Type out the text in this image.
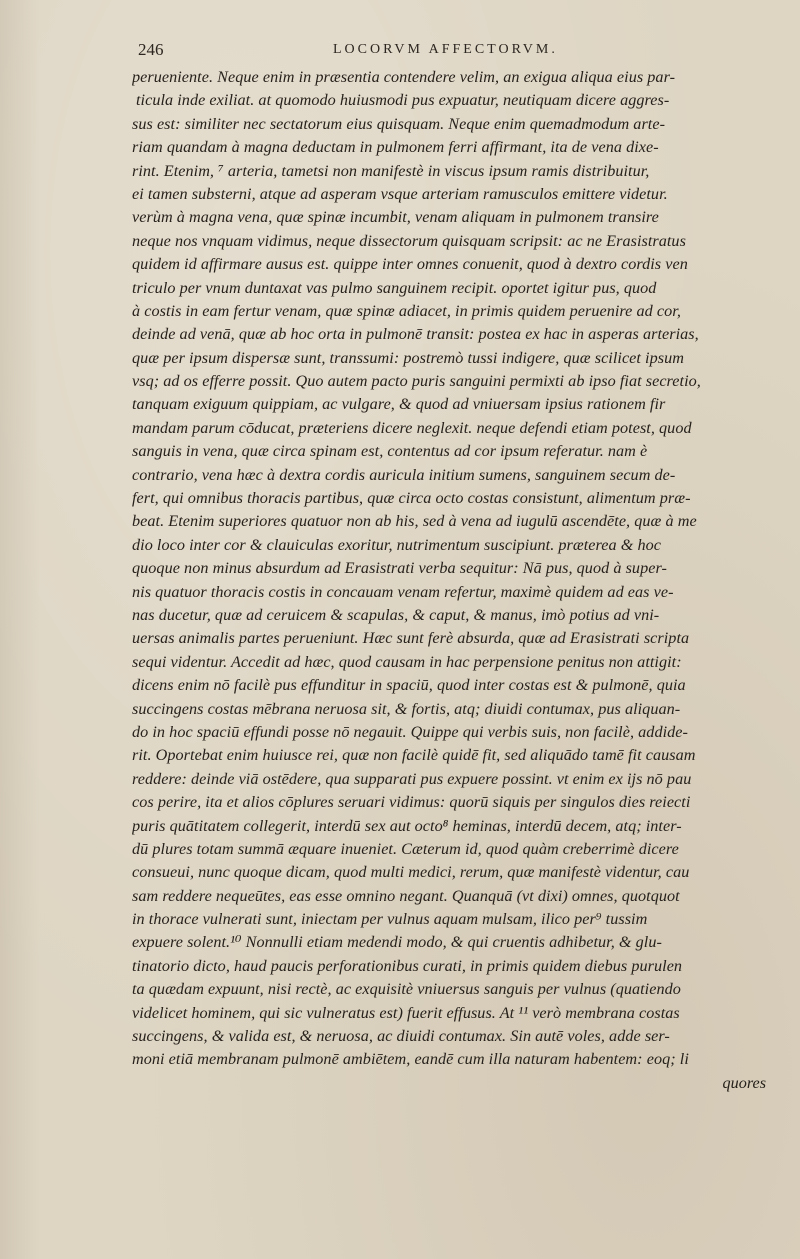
246	LOCORVM AFFECTORVM.
perueniente. Neque enim in præsentia contendere velim, an exigua aliqua eius par-
ticula inde exiliat. at quomodo huiusmodi pus expuatur, neutiquam dicere aggres-
sus est: similiter nec sectatorum eius quisquam. Neque enim quemadmodum arte-
riam quandam à magna deductam in pulmonem ferri affirmant, ita de vena dixe-
rint. Etenim, ⁷ arteria, tametsi non manifestè in viscus ipsum ramis distribuitur,
ei tamen substerni, atque ad asperam vsque arteriam ramusculos emittere videtur.
verùm à magna vena, quæ spinæ incumbit, venam aliquam in pulmonem transire
neque nos vnquam vidimus, neque dissectorum quisquam scripsit: ac ne Erasistratus
quidem id affirmare ausus est. quippe inter omnes conuenit, quod à dextro cordis ven
triculo per vnum duntaxat vas pulmo sanguinem recipit. oportet igitur pus, quod
à costis in eam fertur venam, quæ spinæ adiacet, in primis quidem peruenire ad cor,
deinde ad venā, quæ ab hoc orta in pulmonē transit: postea ex hac in asperas arterias,
quæ per ipsum dispersæ sunt, transsumi: postremò tussi indigere, quæ scilicet ipsum
vsq; ad os efferre possit. Quo autem pacto puris sanguini permixti ab ipso fiat secretio,
tanquam exiguum quippiam, ac vulgare, & quod ad vniuersam ipsius rationem fir
mandam parum cōducat, præteriens dicere neglexit. neque defendi etiam potest, quod
sanguis in vena, quæ circa spinam est, contentus ad cor ipsum referatur. nam è
contrario, vena hæc à dextra cordis auricula initium sumens, sanguinem secum de-
fert, qui omnibus thoracis partibus, quæ circa octo costas consistunt, alimentum præ-
beat. Etenim superiores quatuor non ab his, sed à vena ad iugulū ascendēte, quæ à me
dio loco inter cor & clauiculas exoritur, nutrimentum suscipiunt. præterea & hoc
quoque non minus absurdum ad Erasistrati verba sequitur: Nā pus, quod à super-
nis quatuor thoracis costis in concauam venam refertur, maximè quidem ad eas ve-
nas ducetur, quæ ad ceruicem & scapulas, & caput, & manus, imò potius ad vni-
uersas animalis partes perueniunt. Hæc sunt ferè absurda, quæ ad Erasistrati scripta
sequi videntur. Accedit ad hæc, quod causam in hac perpensione penitus non attigit:
dicens enim nō facilè pus effunditur in spaciū, quod inter costas est & pulmonē, quia
succingens costas mēbrana neruosa sit, & fortis, atq; diuidi contumax, pus aliquan-
do in hoc spaciū effundi posse nō negauit. Quippe qui verbis suis, non facilè, addide-
rit. Oportebat enim huiusce rei, quæ non facilè quidē fit, sed aliquādo tamē fit causam
reddere: deinde viā ostēdere, qua supparati pus expuere possint. vt enim ex ijs nō pau
cos perire, ita et alios cōplures seruari vidimus: quorū siquis per singulos dies reiecti
puris quātitatem collegerit, interdū sex aut octo⁸ heminas, interdū decem, atq; inter-
dū plures totam summā æquare inueniet. Cæterum id, quod quàm creberrimè dicere
consueui, nunc quoque dicam, quod multi medici, rerum, quæ manifestè videntur, cau
sam reddere nequeūtes, eas esse omnino negant. Quanquā (vt dixi) omnes, quotquot
in thorace vulnerati sunt, iniectam per vulnus aquam mulsam, ilico per⁹ tussim
expuere solent.¹⁰ Nonnulli etiam medendi modo, & qui cruentis adhibetur, & glu-
tinatorio dicto, haud paucis perforationibus curati, in primis quidem diebus purulen
ta quædam expuunt, nisi rectè, ac exquisitè vniuersus sanguis per vulnus (quatiendo
videlicet hominem, qui sic vulneratus est) fuerit effusus. At ¹¹ verò membrana costas
succingens, & valida est, & neruosa, ac diuidi contumax. Sin autē voles, adde ser-
moni etiā membranam pulmonē ambiētem, eandē cum illa naturam habentem: eoq; li
quores
